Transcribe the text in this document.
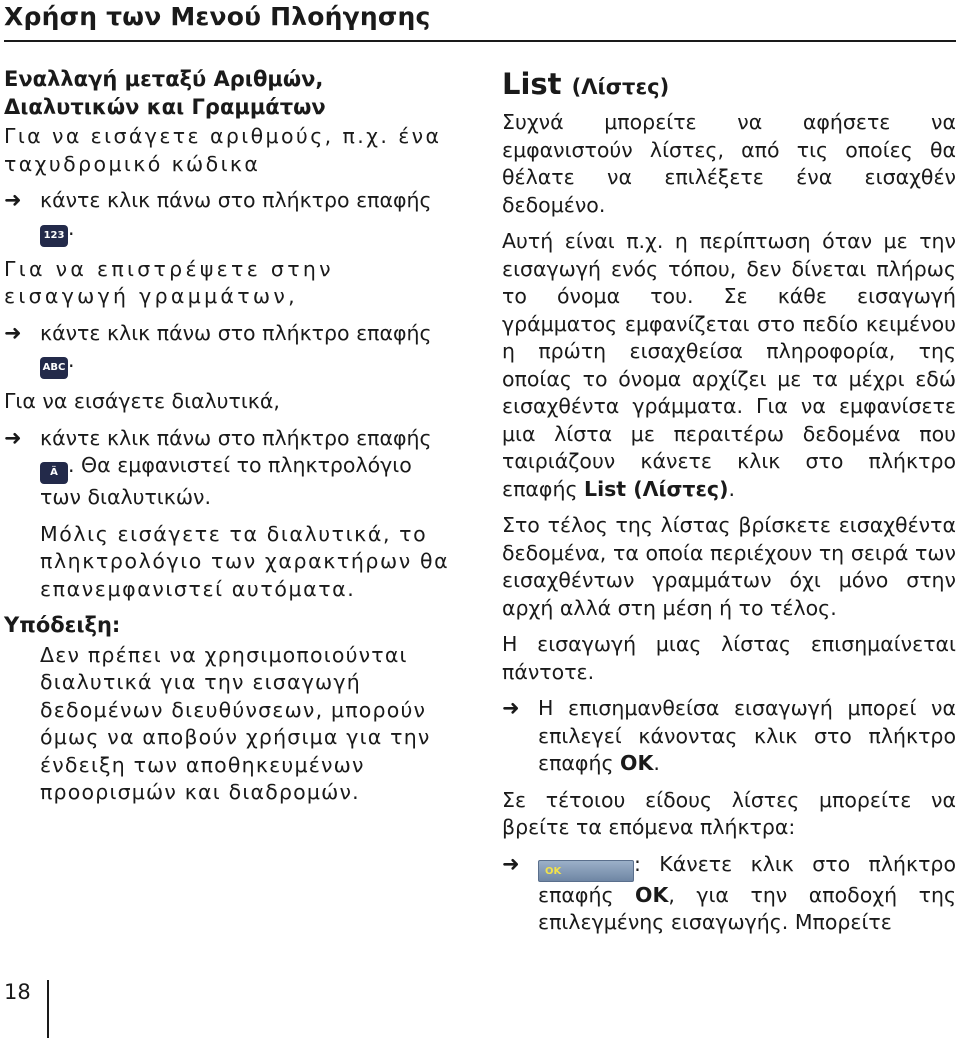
Χρήση των Μενού Πλοήγησης

Εναλλαγή μεταξύ Αριθμών, Διαλυτικών και Γραμμάτων

Για να εισάγετε αριθμούς, π.χ. ένα ταχυδρομικό κώδικα

➜ κάντε κλικ πάνω στο πλήκτρο επαφής
123 .

Για να επιστρέψετε στην εισαγωγή γραμμάτων,

➜ κάντε κλικ πάνω στο πλήκτρο επαφής
ABC .

Για να εισάγετε διαλυτικά,

➜ κάντε κλικ πάνω στο πλήκτρο επαφής
Ä . Θα εμφανιστεί το πληκτρολόγιο των διαλυτικών.

Μόλις εισάγετε τα διαλυτικά, το πληκτρολόγιο των χαρακτήρων θα επανεμφανιστεί αυτόματα.

Υπόδειξη:

Δεν πρέπει να χρησιμοποιούνται διαλυτικά για την εισαγωγή δεδομένων διευθύνσεων, μπορούν όμως να αποβούν χρήσιμα για την ένδειξη των αποθηκευμένων προορισμών και διαδρομών.

List (Λίστες)

Συχνά μπορείτε να αφήσετε να εμφανιστούν λίστες, από τις οποίες θα θέλατε να επιλέξετε ένα εισαχθέν δεδομένο.

Αυτή είναι π.χ. η περίπτωση όταν με την εισαγωγή ενός τόπου, δεν δίνεται πλήρως το όνομα του. Σε κάθε εισαγωγή γράμματος εμφανίζεται στο πεδίο κειμένου η πρώτη εισαχθείσα πληροφορία, της οποίας το όνομα αρχίζει με τα μέχρι εδώ εισαχθέντα γράμματα. Για να εμφανίσετε μια λίστα με περαιτέρω δεδομένα που ταιριάζουν κάνετε κλικ στο πλήκτρο επαφής List (Λίστες).

Στο τέλος της λίστας βρίσκετε εισαχθέντα δεδομένα, τα οποία περιέχουν τη σειρά των εισαχθέντων γραμμάτων όχι μόνο στην αρχή αλλά στη μέση ή το τέλος.

Η εισαγωγή μιας λίστας επισημαίνεται πάντοτε.

➜ Η επισημανθείσα εισαγωγή μπορεί να επιλεγεί κάνοντας κλικ στο πλήκτρο επαφής OK.

Σε τέτοιου είδους λίστες μπορείτε να βρείτε τα επόμενα πλήκτρα:

➜	OK	: Κάνετε κλικ στο πλήκτρο επαφής OK, για την αποδοχή της επιλεγμένης εισαγωγής. Μπορείτε
18
